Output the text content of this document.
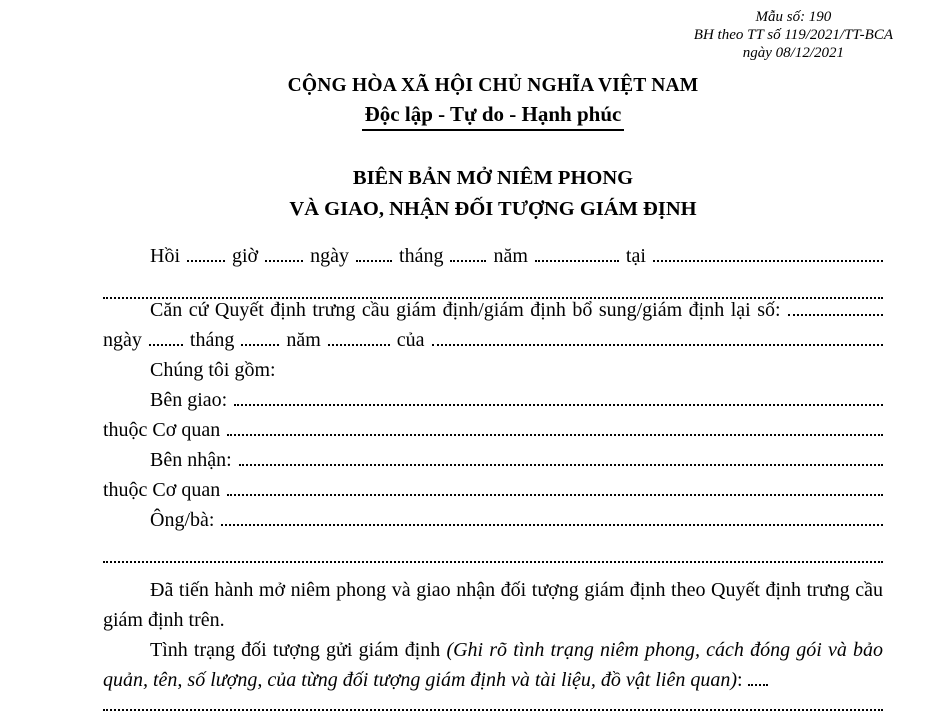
Mẫu số: 190
BH theo TT số 119/2021/TT-BCA
ngày 08/12/2021
CỘNG HÒA XÃ HỘI CHỦ NGHĨA VIỆT NAM
Độc lập - Tự do - Hạnh phúc
BIÊN BẢN MỞ NIÊM PHONG
VÀ GIAO, NHẬN ĐỐI TƯỢNG GIÁM ĐỊNH
Hồi	giờ	ngày	tháng	năm	tại
Căn cứ Quyết định trưng cầu giám định/giám định bổ sung/giám định lại số:
ngày tháng	năm	của
Chúng tôi gồm:
Bên giao:
thuộc Cơ quan
Bên nhận:
thuộc Cơ quan
Ông/bà:

Đã tiến hành mở niêm phong và giao nhận đối tượng giám định theo Quyết định trưng cầu giám định trên.

Tình trạng đối tượng gửi giám định (Ghi rõ tình trạng niêm phong, cách đóng gói và bảo quản, tên, số lượng, của từng đối tượng giám định và tài liệu, đồ vật liên quan):
